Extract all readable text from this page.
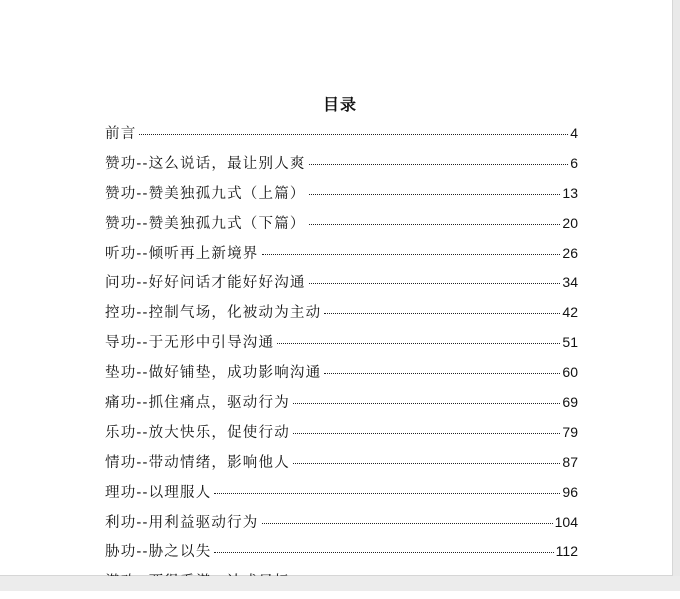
目录
前言	4
赞功--这么说话，最让别人爽	6
赞功--赞美独孤九式（上篇）	13
赞功--赞美独孤九式（下篇）	20
听功--倾听再上新境界	26
问功--好好问话才能好好沟通	34
控功--控制气场，化被动为主动	42
导功--于无形中引导沟通	51
垫功--做好铺垫，成功影响沟通	60
痛功--抓住痛点，驱动行为	69
乐功--放大快乐，促使行动	79
情功--带动情绪，影响他人	87
理功--以理服人	96
利功--用利益驱动行为	104
胁功--胁之以失	112
